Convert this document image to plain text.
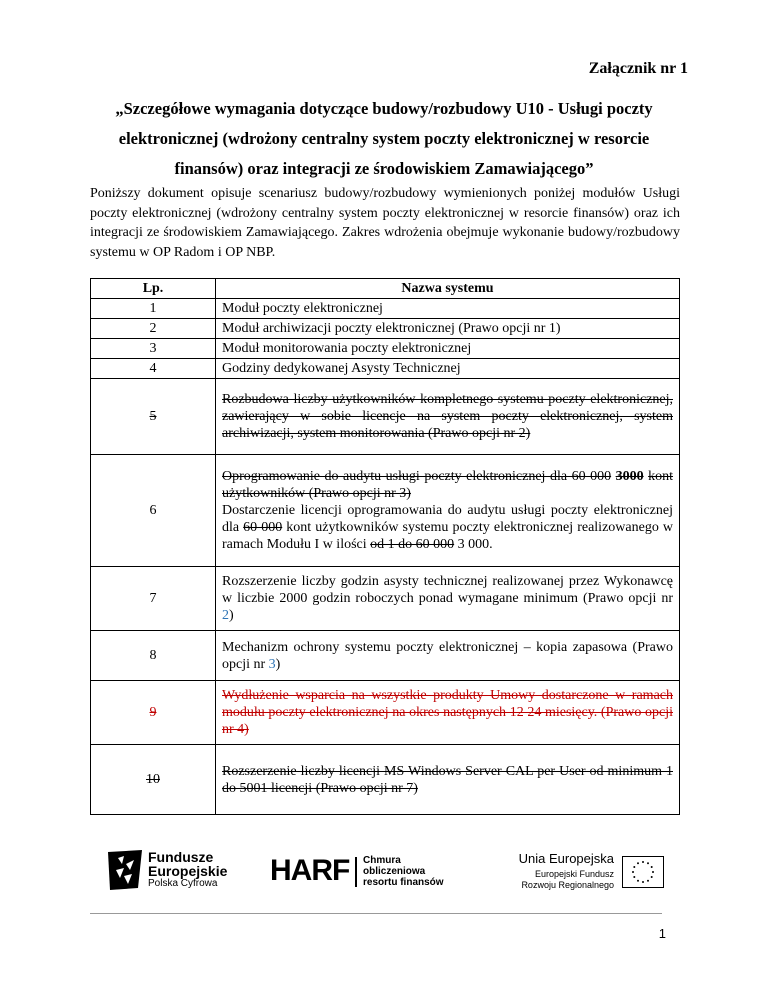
Załącznik nr 1
„Szczegółowe wymagania dotyczące budowy/rozbudowy U10 - Usługi poczty elektronicznej (wdrożony centralny system poczty elektronicznej w resorcie finansów) oraz integracji ze środowiskiem Zamawiającego”
Poniższy dokument opisuje scenariusz budowy/rozbudowy wymienionych poniżej modułów Usługi poczty elektronicznej (wdrożony centralny system poczty elektronicznej w resorcie finansów) oraz ich integracji ze środowiskiem Zamawiającego. Zakres wdrożenia obejmuje wykonanie budowy/rozbudowy systemu w OP Radom i OP NBP.
Lp.	Nazwa systemu
1	Moduł poczty elektronicznej
2	Moduł archiwizacji poczty elektronicznej (Prawo opcji nr 1)
3	Moduł monitorowania poczty elektronicznej
4	Godziny dedykowanej Asysty Technicznej
5	Rozbudowa liczby użytkowników kompletnego systemu poczty elektronicznej, zawierający w sobie licencje na system poczty elektronicznej, system archiwizacji, system monitorowania (Prawo opcji nr 2)
6	Oprogramowanie do audytu usługi poczty elektronicznej dla 60 000 3000 kont użytkowników (Prawo opcji nr 3)
Dostarczenie licencji oprogramowania do audytu usługi poczty elektronicznej dla 60 000 kont użytkowników systemu poczty elektronicznej realizowanego w ramach Modułu I w ilości od 1 do 60 000 3 000.
7	Rozszerzenie liczby godzin asysty technicznej realizowanej przez Wykonawcę w liczbie 2000 godzin roboczych ponad wymagane minimum (Prawo opcji nr 2)
8	Mechanizm ochrony systemu poczty elektronicznej – kopia zapasowa (Prawo opcji nr 3)
9	Wydłużenie wsparcia na wszystkie produkty Umowy dostarczone w ramach modułu poczty elektronicznej na okres następnych 12 24 miesięcy. (Prawo opcji nr 4)
10	Rozszerzenie liczby licencji MS Windows Server CAL per User od minimum 1 do 5001 licencji (Prawo opcji nr 7)
Fundusze
Europejskie
Polska Cyfrowa HARF Chmura
obliczeniowa
resortu finansów
Unia Europejska
Europejski Fundusz
Rozwoju Regionalnego
1
